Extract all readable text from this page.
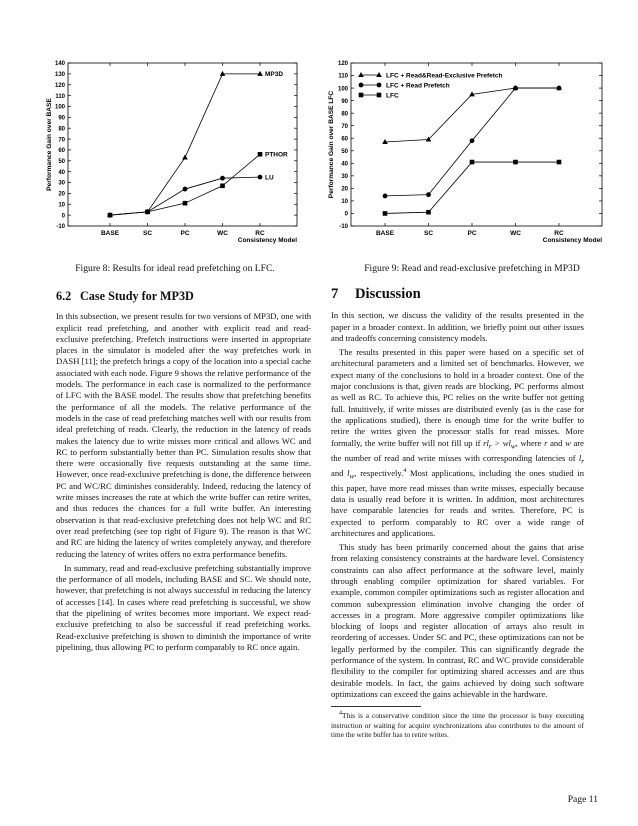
-10
0
10
20
30
40
50
60
70
80
90
100
110
120
130
140
BASE	SC	PC	WC	RC
Consistency Model
Performance Gain over BASE
MP3D
PTHOR
LU
-10
0
10
20
30
40
50
60
70
80
90
100
110
120
BASE	SC	PC	WC	RC
Consistency Model
Performance Gain over BASE LFC
LFC + Read&Read-Exclusive Prefetch
LFC + Read Prefetch
LFC
Figure 8: Results for ideal read prefetching on LFC.	Figure 9: Read and read-exclusive prefetching in MP3D
6.2 Case Study for MP3D

In this subsection, we present results for two versions of MP3D, one with explicit read prefetching, and another with explicit read and read-exclusive prefetching. Prefetch instructions were inserted in appropriate places in the simulator is modeled after the way prefetches work in DASH [11]; the prefetch brings a copy of the location into a special cache associated with each node. Figure 9 shows the relative performance of the models. The performance in each case is normalized to the performance of LFC with the BASE model. The results show that prefetching benefits the performance of all the models. The relative performance of the models in the case of read prefetching matches well with our results from ideal prefetching of reads. Clearly, the reduction in the latency of reads makes the latency due to write misses more critical and allows WC and RC to perform substantially better than PC. Simulation results show that there were occasionally five requests outstanding at the same time. However, once read-exclusive prefetching is done, the difference between PC and WC/RC diminishes considerably. Indeed, reducing the latency of write misses increases the rate at which the write buffer can retire writes, and thus reduces the chances for a full write buffer. An interesting observation is that read-exclusive prefetching does not help WC and RC over read prefetching (see top right of Figure 9). The reason is that WC and RC are hiding the latency of writes completely anyway, and therefore reducing the latency of writes offers no extra performance benefits.

In summary, read and read-exclusive prefetching substantially improve the performance of all models, including BASE and SC. We should note, however, that prefetching is not always successful in reducing the latency of accesses [14]. In cases where read prefetching is successful, we show that the pipelining of writes becomes more important. We expect read-exclusive prefetching to also be successful if read prefetching works. Read-exclusive prefetching is shown to diminish the importance of write pipelining, thus allowing PC to perform comparably to RC once again.

7 Discussion

In this section, we discuss the validity of the results presented in the paper in a broader context. In addition, we briefly point out other issues and tradeoffs concerning consistency models.

The results presented in this paper were based on a specific set of architectural parameters and a limited set of benchmarks. However, we expect many of the conclusions to hold in a broader context. One of the major conclusions is that, given reads are blocking, PC performs almost as well as RC. To achieve this, PC relies on the write buffer not getting full. Intuitively, if write misses are distributed evenly (as is the case for the applications studied), there is enough time for the write buffer to retire the writes given the processor stalls for read misses. More formally, the write buffer will not fill up if $rl_r > wl_w$, where r and w are the number of read and write misses with corresponding latencies of $l_r$ and $l_w$, respectively.$^4$ Most applications, including the ones studied in this paper, have more read misses than write misses, especially because data is usually read before it is written. In addition, most architectures have comparable latencies for reads and writes. Therefore, PC is expected to perform comparably to RC over a wide range of architectures and applications.

This study has been primarily concerned about the gains that arise from relaxing consistency constraints at the hardware level. Consistency constraints can also affect performance at the software level, mainly through enabling compiler optimization for shared variables. For example, common compiler optimizations such as register allocation and common subexpression elimination involve changing the order of accesses in a program. More aggressive compiler optimizations like blocking of loops and register allocation of arrays also result in reordering of accesses. Under SC and PC, these optimizations can not be legally performed by the compiler. This can significantly degrade the performance of the system. In contrast, RC and WC provide considerable flexibility to the compiler for optimizing shared accesses and are thus desirable models. In fact, the gains achieved by doing such software optimizations can exceed the gains achievable in the hardware.

$^4$This is a conservative condition since the time the processor is busy executing instruction or waiting for acquire synchronizations also contributes to the amount of time the write buffer has to retire writes.

Page 11
